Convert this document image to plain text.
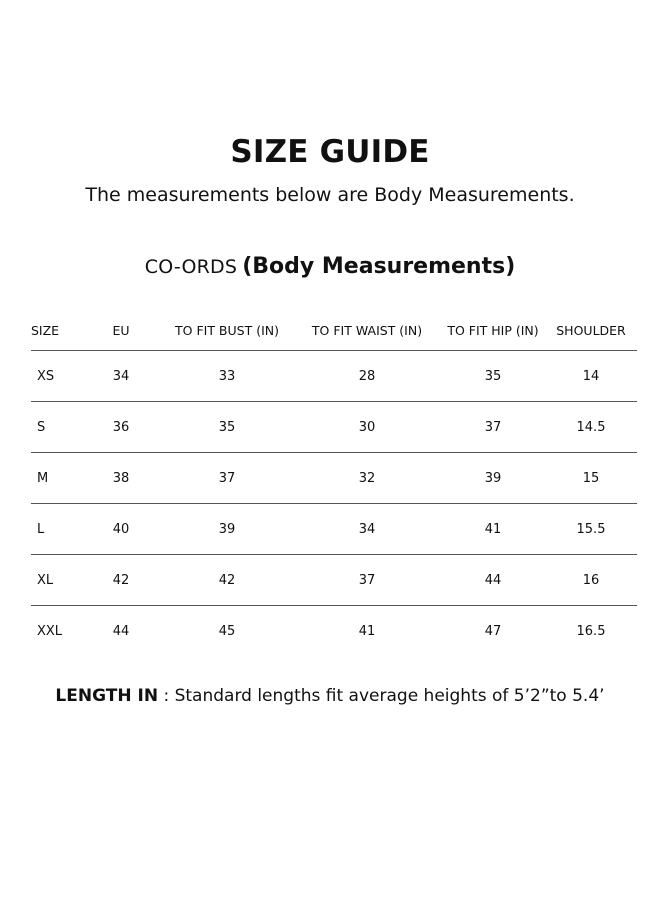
SIZE GUIDE
The measurements below are Body Measurements.
CO-ORDS (Body Measurements)
SIZE	EU	TO FIT BUST (IN)	TO FIT WAIST (IN)	TO FIT HIP (IN)	SHOULDER
XS	34	33	28	35	14
S	36	35	30	37	14.5
M	38	37	32	39	15
L	40	39	34	41	15.5
XL	42	42	37	44	16
XXL	44	45	41	47	16.5
LENGTH IN : Standard lengths fit average heights of 5’2”to 5.4’
